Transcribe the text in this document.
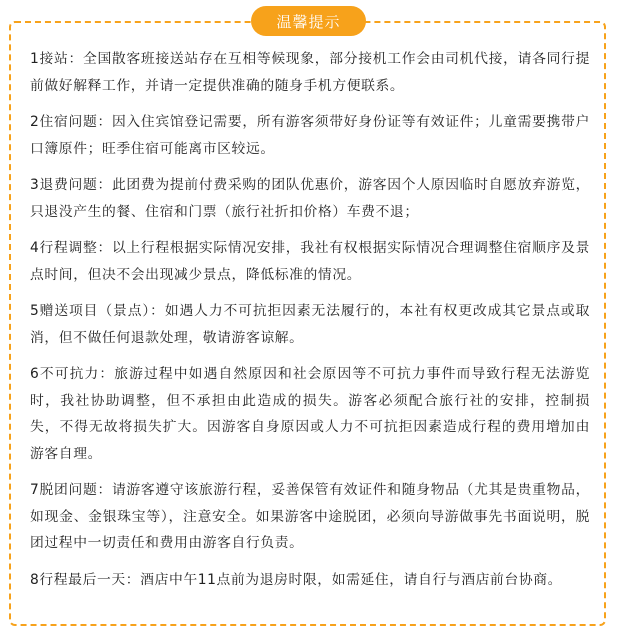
温馨提示

1接站：全国散客班接送站存在互相等候现象，部分接机工作会由司机代接，请各同行提前做好解释工作，并请一定提供准确的随身手机方便联系。

2住宿问题：因入住宾馆登记需要，所有游客须带好身份证等有效证件；儿童需要携带户口簿原件；旺季住宿可能离市区较远。

3退费问题：此团费为提前付费采购的团队优惠价，游客因个人原因临时自愿放弃游览，只退没产生的餐、住宿和门票（旅行社折扣价格）车费不退；

4行程调整：以上行程根据实际情况安排，我社有权根据实际情况合理调整住宿顺序及景点时间，但决不会出现减少景点，降低标准的情况。

5赠送项目（景点）：如遇人力不可抗拒因素无法履行的，本社有权更改成其它景点或取消，但不做任何退款处理，敬请游客谅解。

6不可抗力：旅游过程中如遇自然原因和社会原因等不可抗力事件而导致行程无法游览时，我社协助调整，但不承担由此造成的损失。游客必须配合旅行社的安排，控制损失，不得无故将损失扩大。因游客自身原因或人力不可抗拒因素造成行程的费用增加由游客自理。

7脱团问题：请游客遵守该旅游行程，妥善保管有效证件和随身物品（尤其是贵重物品，如现金、金银珠宝等），注意安全。如果游客中途脱团，必须向导游做事先书面说明，脱团过程中一切责任和费用由游客自行负责。

8行程最后一天：酒店中午11点前为退房时限，如需延住，请自行与酒店前台协商。
